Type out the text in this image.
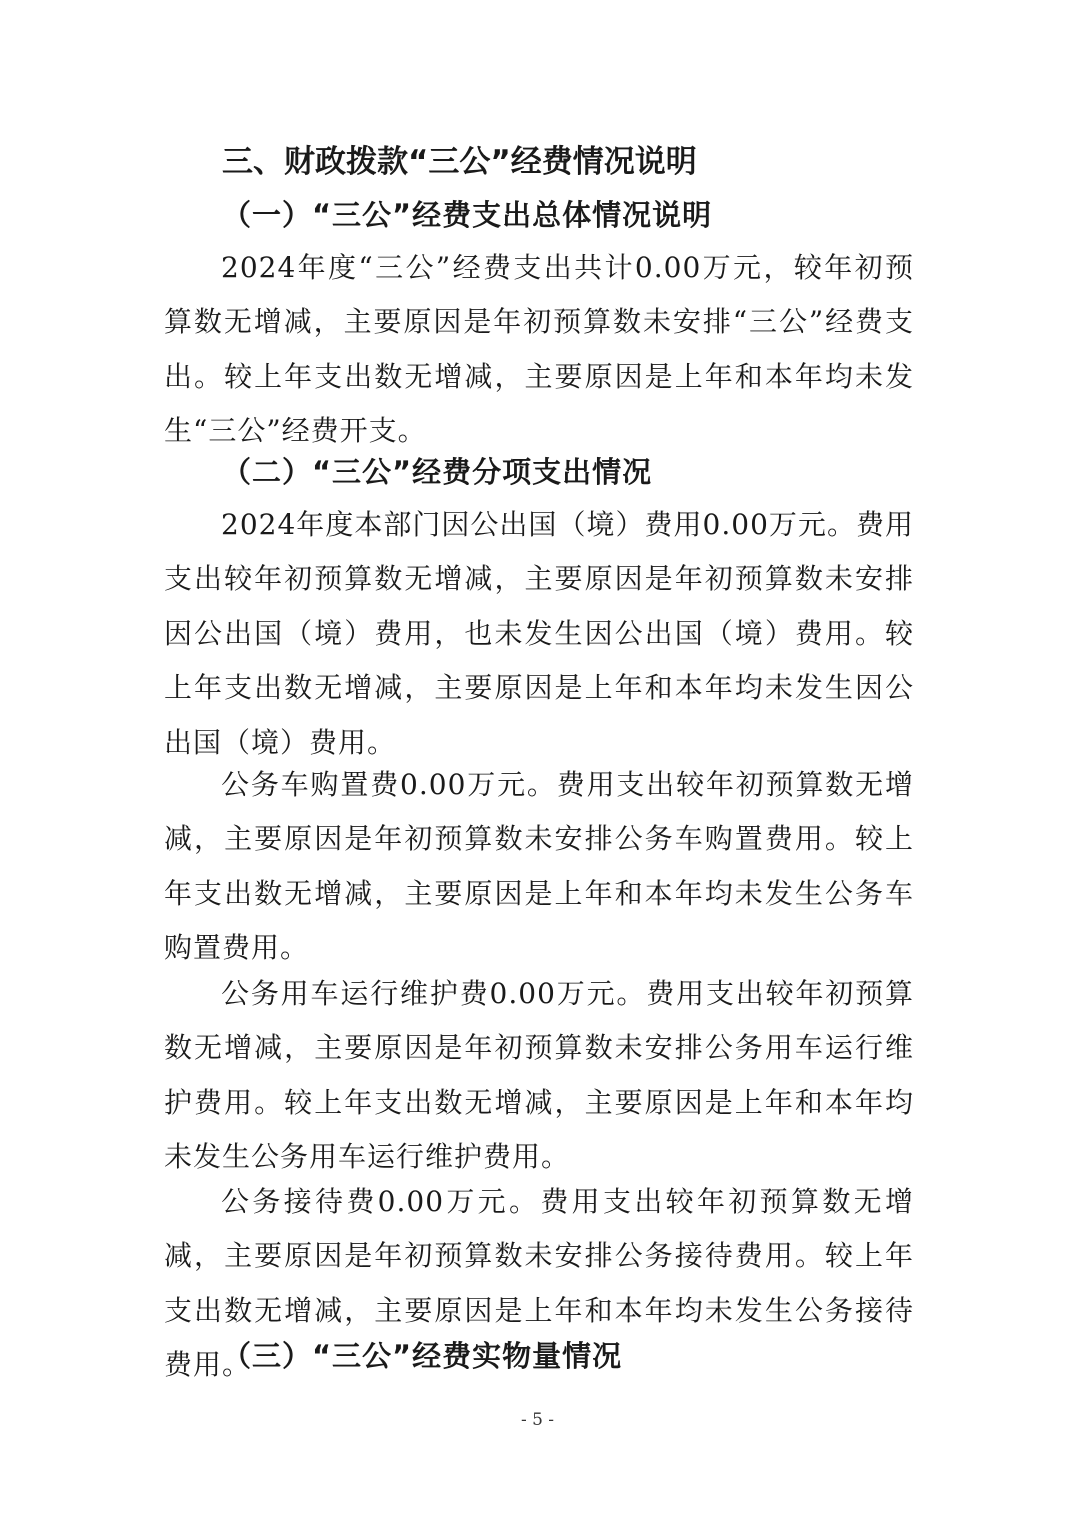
三、财政拨款“三公”经费情况说明
（一）“三公”经费支出总体情况说明
2024年度“三公”经费支出共计0.00万元，较年初预算数无增减，主要原因是年初预算数未安排“三公”经费支出。较上年支出数无增减，主要原因是上年和本年均未发生“三公”经费开支。
（二）“三公”经费分项支出情况
2024年度本部门因公出国（境）费用0.00万元。费用支出较年初预算数无增减，主要原因是年初预算数未安排因公出国（境）费用，也未发生因公出国（境）费用。较上年支出数无增减，主要原因是上年和本年均未发生因公出国（境）费用。
公务车购置费0.00万元。费用支出较年初预算数无增减，主要原因是年初预算数未安排公务车购置费用。较上年支出数无增减，主要原因是上年和本年均未发生公务车购置费用。
公务用车运行维护费0.00万元。费用支出较年初预算数无增减，主要原因是年初预算数未安排公务用车运行维护费用。较上年支出数无增减，主要原因是上年和本年均未发生公务用车运行维护费用。
公务接待费0.00万元。费用支出较年初预算数无增减，主要原因是年初预算数未安排公务接待费用。较上年支出数无增减，主要原因是上年和本年均未发生公务接待费用。
（三）“三公”经费实物量情况
- 5 -
